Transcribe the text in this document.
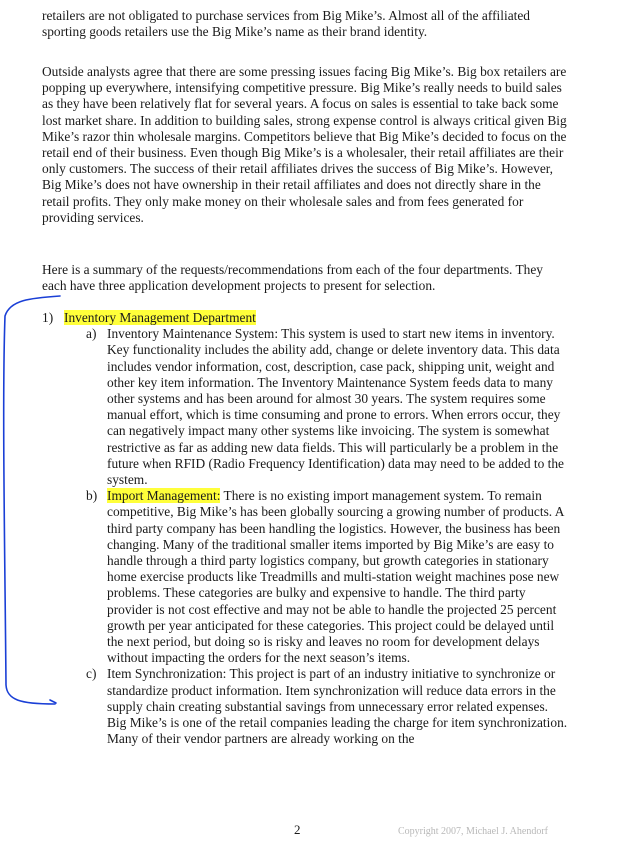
retailers are not obligated to purchase services from Big Mike’s. Almost all of the affiliated sporting goods retailers use the Big Mike’s name as their brand identity.

Outside analysts agree that there are some pressing issues facing Big Mike’s. Big box retailers are popping up everywhere, intensifying competitive pressure. Big Mike’s really needs to build sales as they have been relatively flat for several years. A focus on sales is essential to take back some lost market share. In addition to building sales, strong expense control is always critical given Big Mike’s razor thin wholesale margins. Competitors believe that Big Mike’s decided to focus on the retail end of their business. Even though Big Mike’s is a wholesaler, their retail affiliates are their only customers. The success of their retail affiliates drives the success of Big Mike’s. However, Big Mike’s does not have ownership in their retail affiliates and does not directly share in the retail profits. They only make money on their wholesale sales and from fees generated for providing services.

Here is a summary of the requests/recommendations from each of the four departments. They each have three application development projects to present for selection.

1) Inventory Management Department
a) Inventory Maintenance System: This system is used to start new items in inventory. Key functionality includes the ability add, change or delete inventory data. This data includes vendor information, cost, description, case pack, shipping unit, weight and other key item information. The Inventory Maintenance System feeds data to many other systems and has been around for almost 30 years. The system requires some manual effort, which is time consuming and prone to errors. When errors occur, they can negatively impact many other systems like invoicing. The system is somewhat restrictive as far as adding new data fields. This will particularly be a problem in the future when RFID (Radio Frequency Identification) data may need to be added to the system.
b) Import Management: There is no existing import management system. To remain competitive, Big Mike’s has been globally sourcing a growing number of products. A third party company has been handling the logistics. However, the business has been changing. Many of the traditional smaller items imported by Big Mike’s are easy to handle through a third party logistics company, but growth categories in stationary home exercise products like Treadmills and multi-station weight machines pose new problems. These categories are bulky and expensive to handle. The third party provider is not cost effective and may not be able to handle the projected 25 percent growth per year anticipated for these categories. This project could be delayed until the next period, but doing so is risky and leaves no room for development delays without impacting the orders for the next season’s items.
c) Item Synchronization: This project is part of an industry initiative to synchronize or standardize product information. Item synchronization will reduce data errors in the supply chain creating substantial savings from unnecessary error related expenses. Big Mike’s is one of the retail companies leading the charge for item synchronization. Many of their vendor partners are already working on the
2	Copyright 2007, Michael J. Ahendorf
